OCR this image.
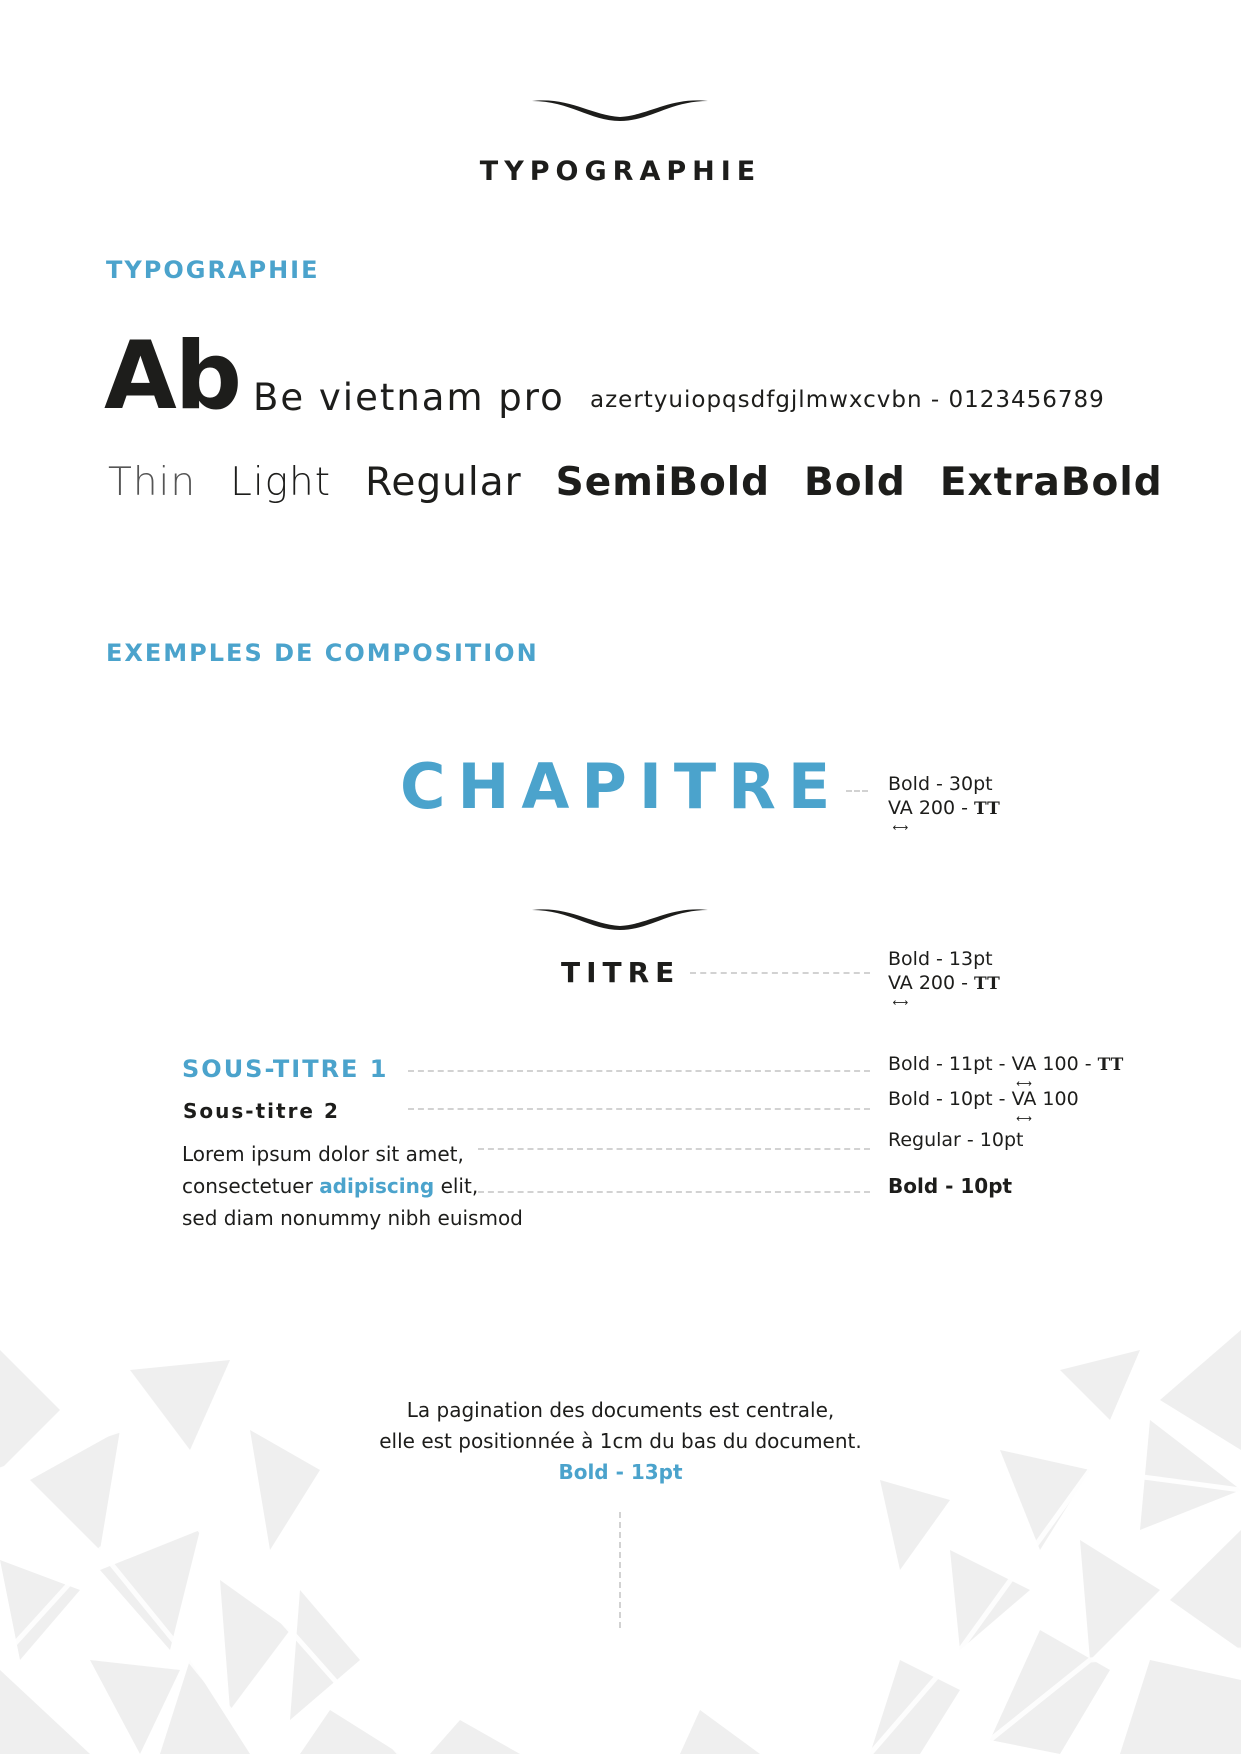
TYPOGRAPHIE
TYPOGRAPHIE
Ab Be vietnam pro azertyuiopqsdfgjlmwxcvbn - 0123456789
Thin Light Regular SemiBold Bold ExtraBold
EXEMPLES DE COMPOSITION
CHAPITRE Bold - 30pt
VA ⟷ 200 - TT
TITRE	Bold - 13pt
VA ⟷ 200 - TT
SOUS-TITRE 1	Bold - 11pt - VA ⟷ 100 - TT
Sous-titre 2	Bold - 10pt - VA ⟷ 100
Lorem ipsum dolor sit amet,
consectetuer adipiscing elit,
sed diam nonummy nibh euismod
Regular - 10pt
Bold - 10pt
La pagination des documents est centrale,
elle est positionnée à 1cm du bas du document.
Bold - 13pt
